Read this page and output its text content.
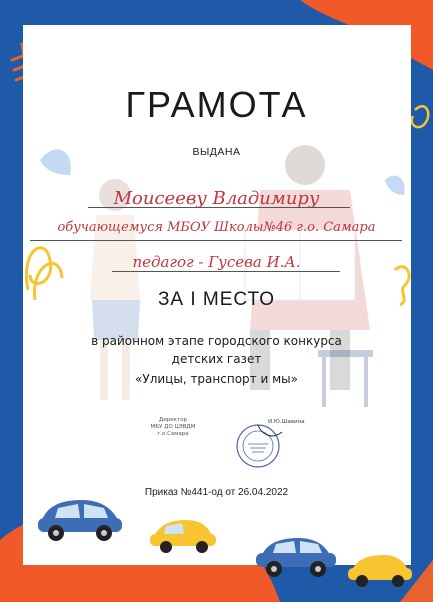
ГРАМОТА
ВЫДАНА
Моисееву Владимиру
обучающемуся МБОУ Школы№46 г.о. Самара
педагог - Гусева И.А.
ЗА I МЕСТО
в районном этапе городского конкурса
детских газет
«Улицы, транспорт и мы»
Директор
МБУ ДО ЦЭВДМ
г.о.Самара
И.Ю.Шавина
Приказ №441-од от 26.04.2022
